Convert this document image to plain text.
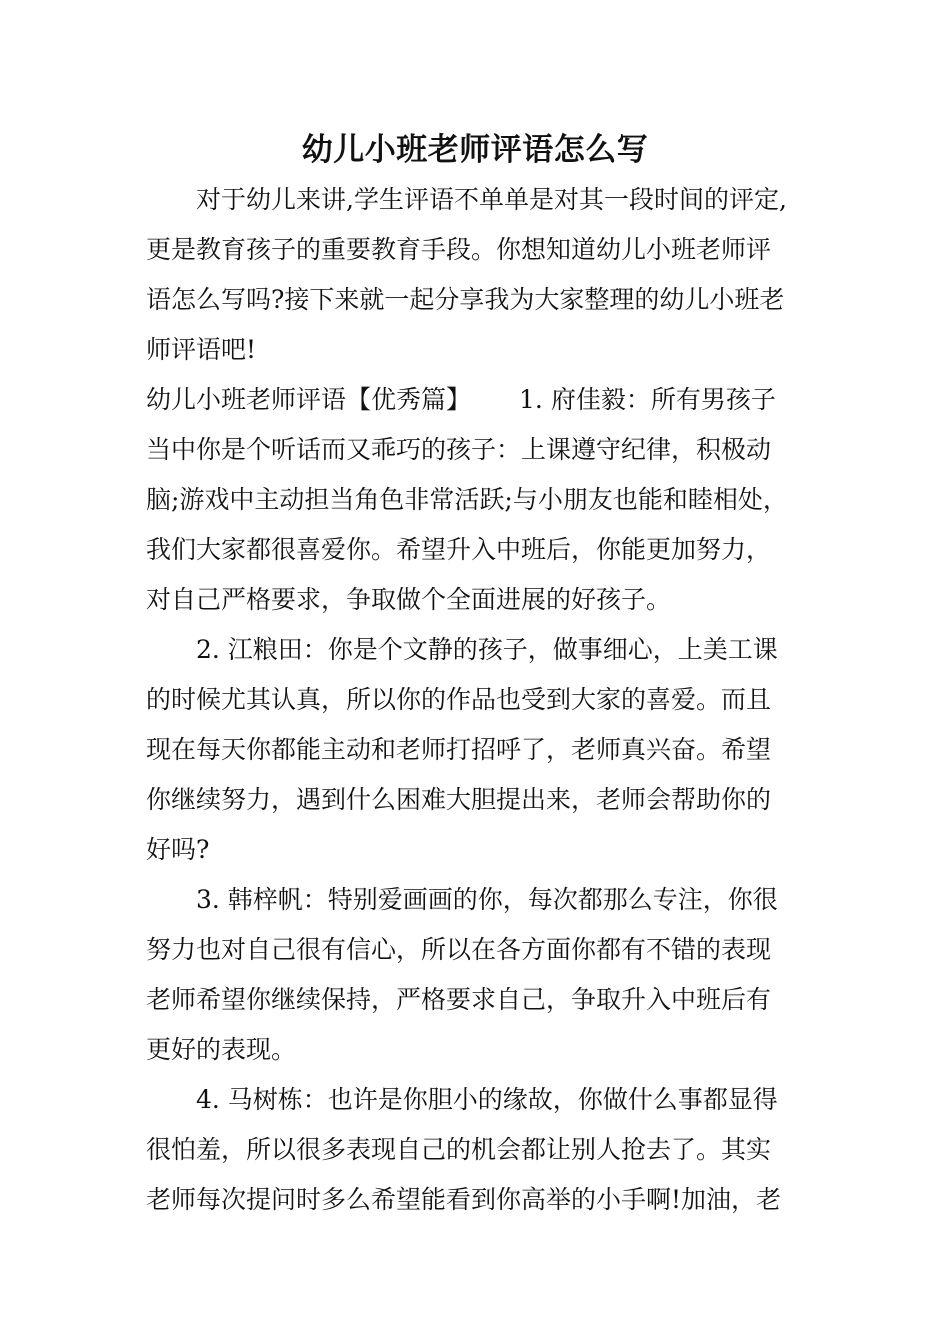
幼儿小班老师评语怎么写

对于幼儿来讲,学生评语不单单是对其一段时间的评定,

更是教育孩子的重要教育手段。你想知道幼儿小班老师评

语怎么写吗?接下来就一起分享我为大家整理的幼儿小班老

师评语吧!

幼儿小班老师评语【优秀篇】 1. 府佳毅：所有男孩子

当中你是个听话而又乖巧的孩子：上课遵守纪律，积极动

脑;游戏中主动担当角色非常活跃;与小朋友也能和睦相处，

我们大家都很喜爱你。希望升入中班后，你能更加努力，

对自己严格要求，争取做个全面进展的好孩子。

2. 江粮田：你是个文静的孩子，做事细心，上美工课

的时候尤其认真，所以你的作品也受到大家的喜爱。而且

现在每天你都能主动和老师打招呼了，老师真兴奋。希望

你继续努力，遇到什么困难大胆提出来，老师会帮助你的

好吗?

3. 韩梓帆：特别爱画画的你，每次都那么专注，你很

努力也对自己很有信心，所以在各方面你都有不错的表现

老师希望你继续保持，严格要求自己，争取升入中班后有

更好的表现。

4. 马树栋：也许是你胆小的缘故，你做什么事都显得

很怕羞，所以很多表现自己的机会都让别人抢去了。其实

老师每次提问时多么希望能看到你高举的小手啊!加油，老
